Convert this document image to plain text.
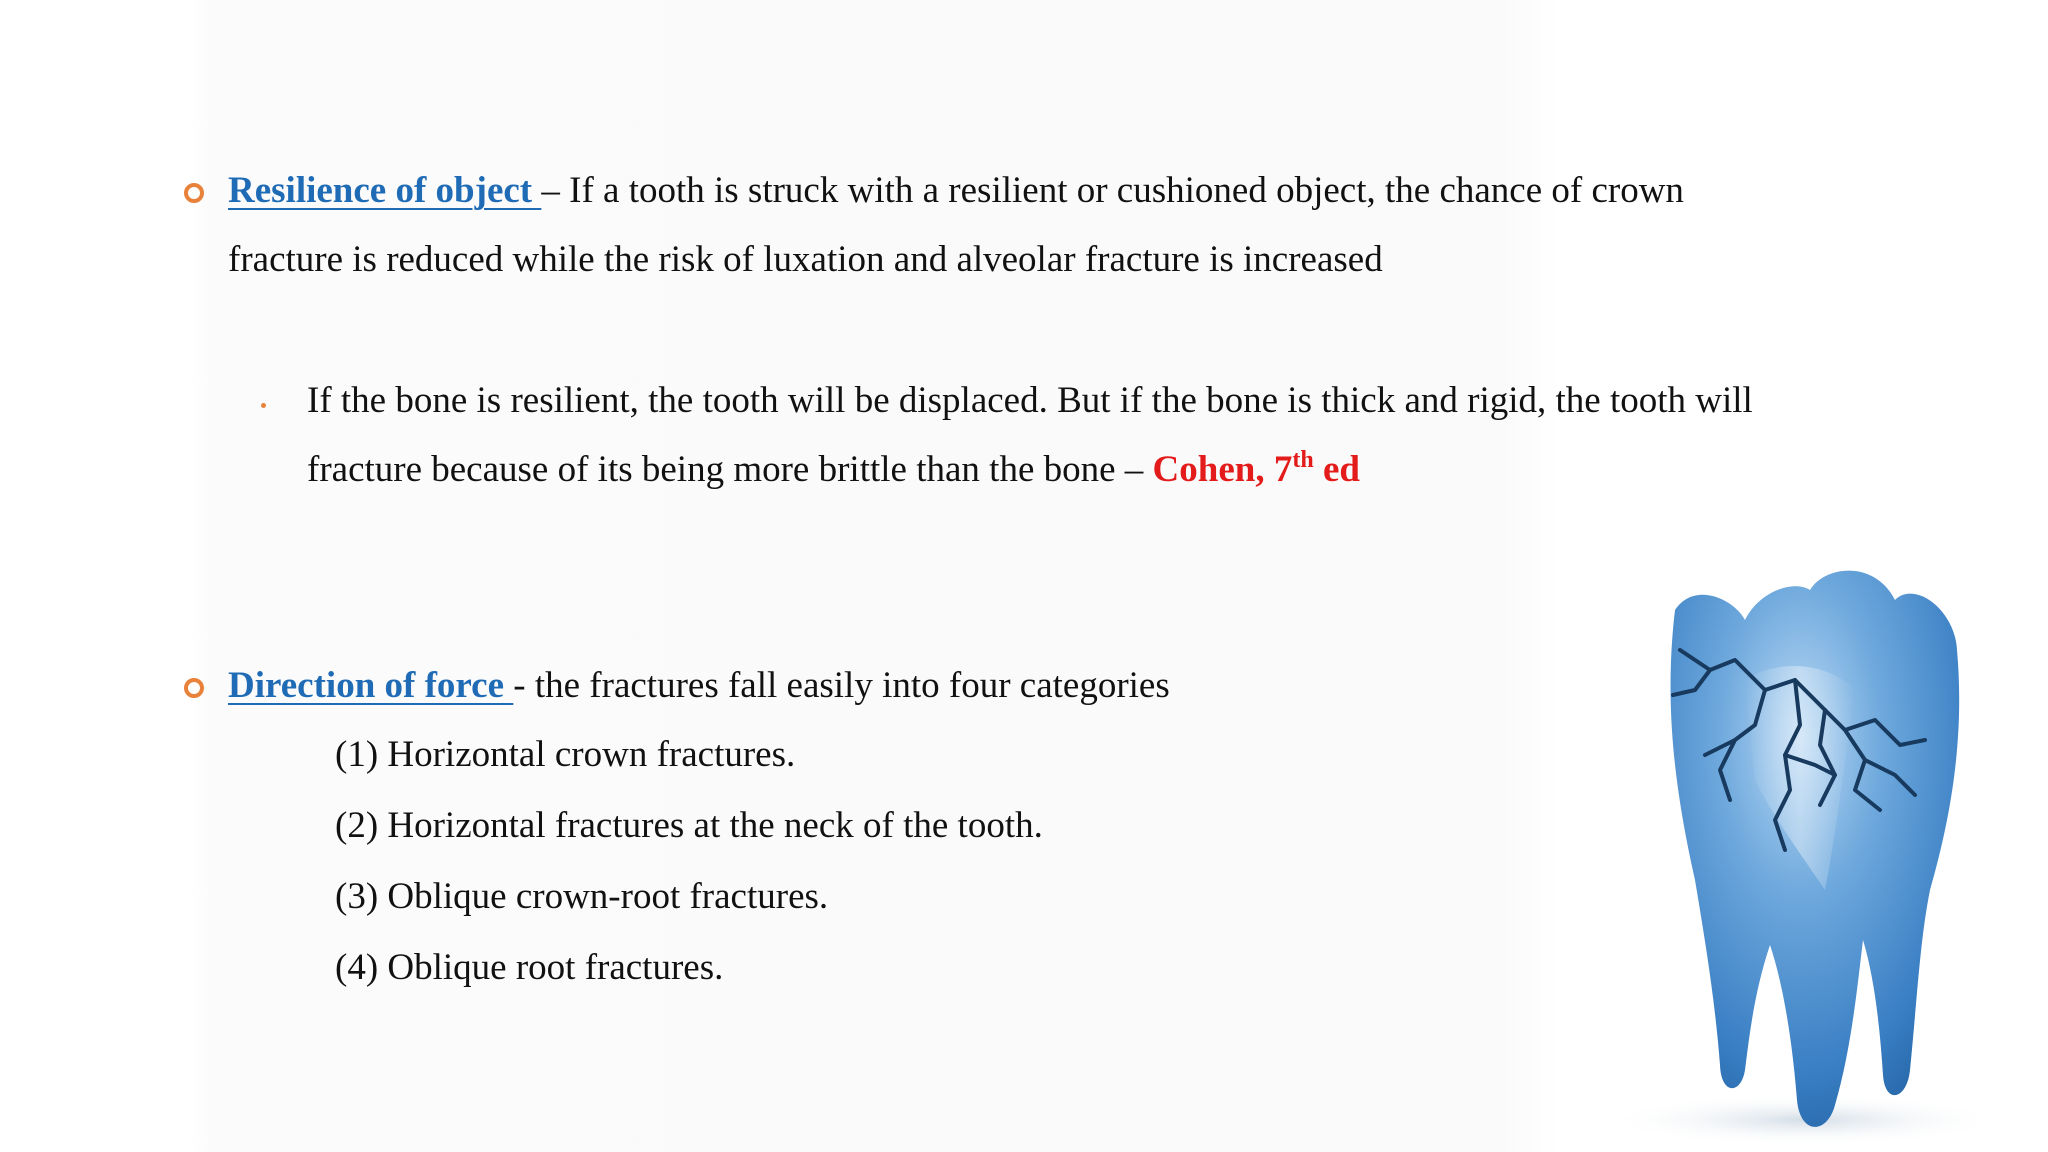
Resilience of object – If a tooth is struck with a resilient or cushioned object, the chance of crown
fracture is reduced while the risk of luxation and alveolar fracture is increased
If the bone is resilient, the tooth will be displaced. But if the bone is thick and rigid, the tooth will
fracture because of its being more brittle than the bone – Cohen, 7th ed
Direction of force - the fractures fall easily into four categories
(1) Horizontal crown fractures.
(2) Horizontal fractures at the neck of the tooth.
(3) Oblique crown-root fractures.
(4) Oblique root fractures.
